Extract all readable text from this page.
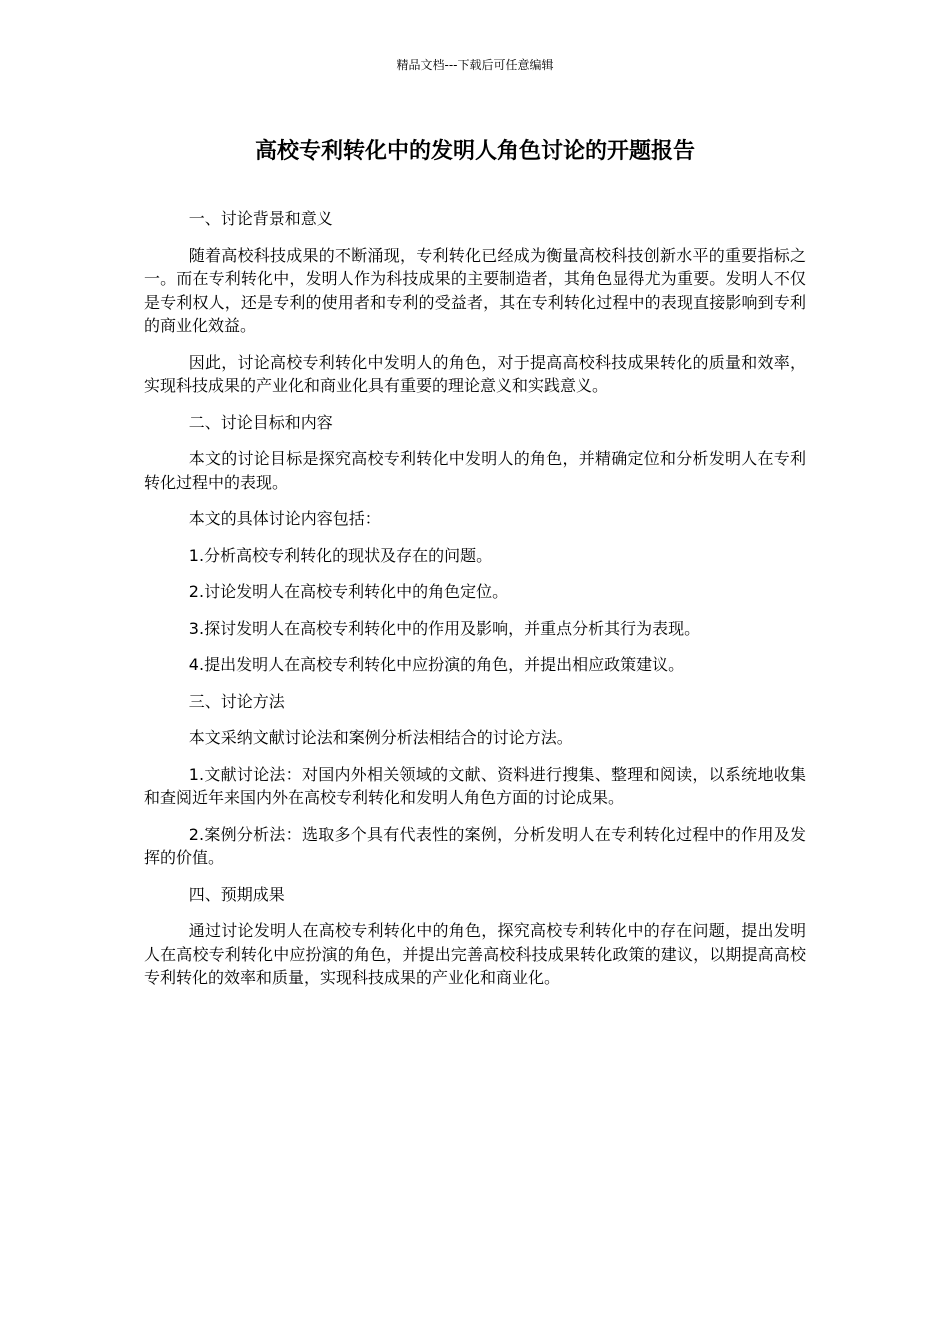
精品文档---下载后可任意编辑
高校专利转化中的发明人角色讨论的开题报告

一、讨论背景和意义

随着高校科技成果的不断涌现，专利转化已经成为衡量高校科技创新水平的重要指标之一。而在专利转化中，发明人作为科技成果的主要制造者，其角色显得尤为重要。发明人不仅是专利权人，还是专利的使用者和专利的受益者，其在专利转化过程中的表现直接影响到专利的商业化效益。

因此，讨论高校专利转化中发明人的角色，对于提高高校科技成果转化的质量和效率，实现科技成果的产业化和商业化具有重要的理论意义和实践意义。

二、讨论目标和内容

本文的讨论目标是探究高校专利转化中发明人的角色，并精确定位和分析发明人在专利转化过程中的表现。

本文的具体讨论内容包括：

1.分析高校专利转化的现状及存在的问题。

2.讨论发明人在高校专利转化中的角色定位。

3.探讨发明人在高校专利转化中的作用及影响，并重点分析其行为表现。

4.提出发明人在高校专利转化中应扮演的角色，并提出相应政策建议。

三、讨论方法

本文采纳文献讨论法和案例分析法相结合的讨论方法。

1.文献讨论法：对国内外相关领域的文献、资料进行搜集、整理和阅读，以系统地收集和查阅近年来国内外在高校专利转化和发明人角色方面的讨论成果。

2.案例分析法：选取多个具有代表性的案例，分析发明人在专利转化过程中的作用及发挥的价值。

四、预期成果

通过讨论发明人在高校专利转化中的角色，探究高校专利转化中的存在问题，提出发明人在高校专利转化中应扮演的角色，并提出完善高校科技成果转化政策的建议，以期提高高校专利转化的效率和质量，实现科技成果的产业化和商业化。
